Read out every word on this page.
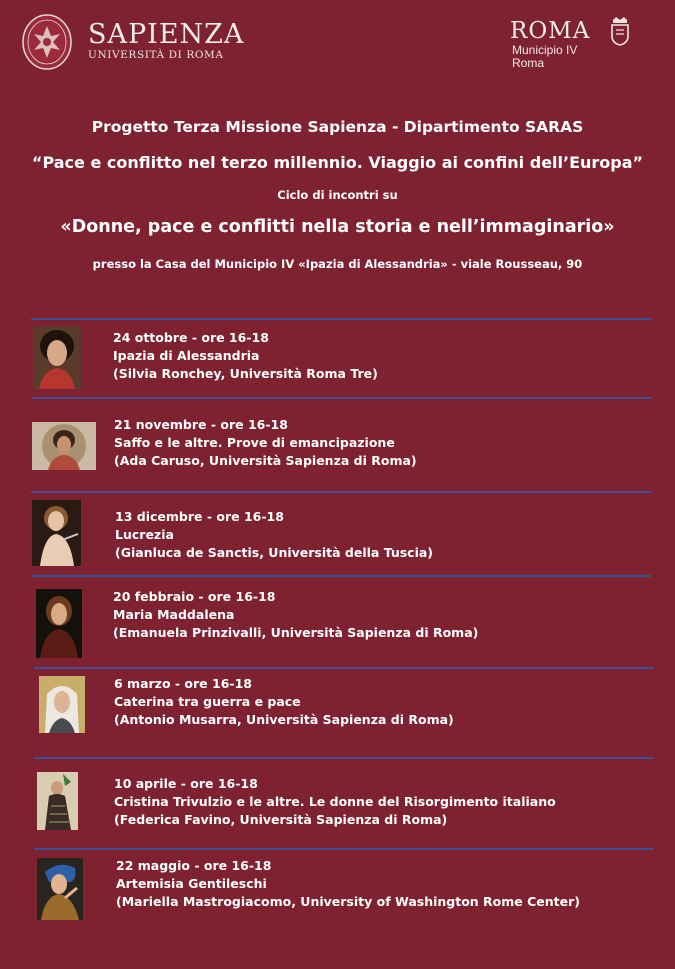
SAPIENZA
UNIVERSITÀ DI ROMA
ROMA
Municipio IV
Roma
Progetto Terza Missione Sapienza - Dipartimento SARAS
“Pace e conflitto nel terzo millennio. Viaggio ai confini dell’Europa”
Ciclo di incontri su
«Donne, pace e conflitti nella storia e nell’immaginario»
presso la Casa del Municipio IV «Ipazia di Alessandria» - viale Rousseau, 90
24 ottobre - ore 16-18
Ipazia di Alessandria
(Silvia Ronchey, Università Roma Tre)
21 novembre - ore 16-18
Saffo e le altre. Prove di emancipazione
(Ada Caruso, Università Sapienza di Roma)
13 dicembre - ore 16-18
Lucrezia
(Gianluca de Sanctis, Università della Tuscia)
20 febbraio - ore 16-18
Maria Maddalena
(Emanuela Prinzivalli, Università Sapienza di Roma)
6 marzo - ore 16-18
Caterina tra guerra e pace
(Antonio Musarra, Università Sapienza di Roma)
10 aprile - ore 16-18
Cristina Trivulzio e le altre. Le donne del Risorgimento italiano
(Federica Favino, Università Sapienza di Roma)
22 maggio - ore 16-18
Artemisia Gentileschi
(Mariella Mastrogiacomo, University of Washington Rome Center)
